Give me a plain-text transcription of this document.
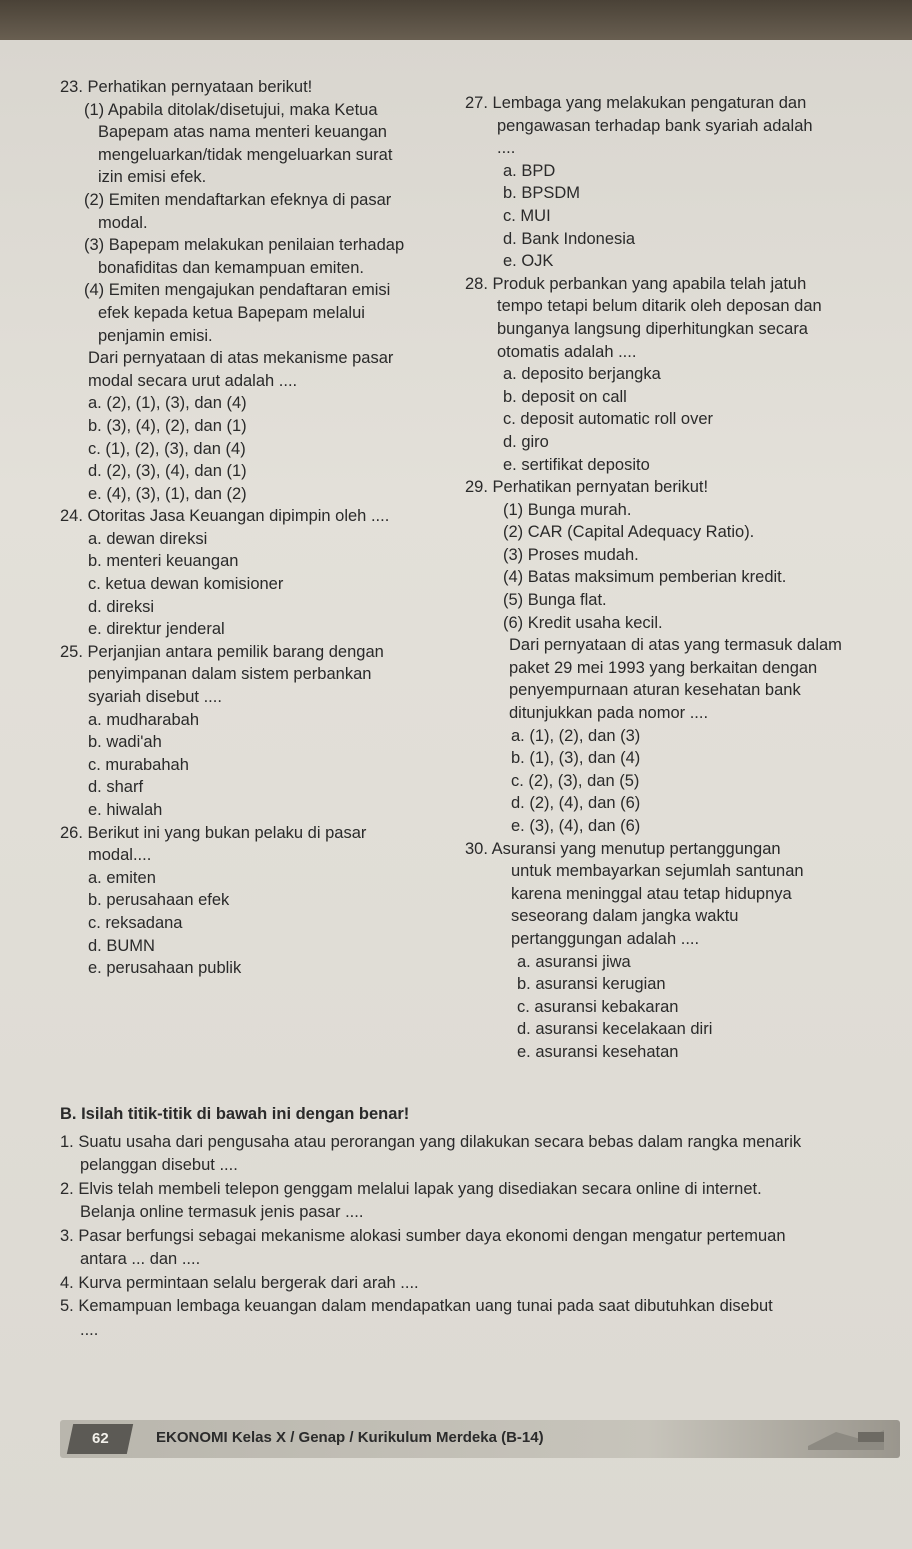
23. Perhatikan pernyataan berikut!

(1) Apabila ditolak/disetujui, maka Ketua

Bapepam atas nama menteri keuangan

mengeluarkan/tidak mengeluarkan surat

izin emisi efek.

(2) Emiten mendaftarkan efeknya di pasar

modal.

(3) Bapepam melakukan penilaian terhadap

bonafiditas dan kemampuan emiten.

(4) Emiten mengajukan pendaftaran emisi

efek kepada ketua Bapepam melalui

penjamin emisi.

Dari pernyataan di atas mekanisme pasar

modal secara urut adalah ....

a. (2), (1), (3), dan (4)

b. (3), (4), (2), dan (1)

c. (1), (2), (3), dan (4)

d. (2), (3), (4), dan (1)

e. (4), (3), (1), dan (2)

24. Otoritas Jasa Keuangan dipimpin oleh ....

a. dewan direksi

b. menteri keuangan

c. ketua dewan komisioner

d. direksi

e. direktur jenderal

25. Perjanjian antara pemilik barang dengan

penyimpanan dalam sistem perbankan

syariah disebut ....

a. mudharabah

b. wadi'ah

c. murabahah

d. sharf

e. hiwalah

26. Berikut ini yang bukan pelaku di pasar

modal....

a. emiten

b. perusahaan efek

c. reksadana

d. BUMN

e. perusahaan publik

27. Lembaga yang melakukan pengaturan dan

pengawasan terhadap bank syariah adalah

....

a. BPD

b. BPSDM

c. MUI

d. Bank Indonesia

e. OJK

28. Produk perbankan yang apabila telah jatuh

tempo tetapi belum ditarik oleh deposan dan

bunganya langsung diperhitungkan secara

otomatis adalah ....

a. deposito berjangka

b. deposit on call

c. deposit automatic roll over

d. giro

e. sertifikat deposito

29. Perhatikan pernyatan berikut!

(1) Bunga murah.

(2) CAR (Capital Adequacy Ratio).

(3) Proses mudah.

(4) Batas maksimum pemberian kredit.

(5) Bunga flat.

(6) Kredit usaha kecil.

Dari pernyataan di atas yang termasuk dalam

paket 29 mei 1993 yang berkaitan dengan

penyempurnaan aturan kesehatan bank

ditunjukkan pada nomor ....

a. (1), (2), dan (3)

b. (1), (3), dan (4)

c. (2), (3), dan (5)

d. (2), (4), dan (6)

e. (3), (4), dan (6)

30. Asuransi yang menutup pertanggungan

untuk membayarkan sejumlah santunan

karena meninggal atau tetap hidupnya

seseorang dalam jangka waktu

pertanggungan adalah ....

a. asuransi jiwa

b. asuransi kerugian

c. asuransi kebakaran

d. asuransi kecelakaan diri

e. asuransi kesehatan

B. Isilah titik-titik di bawah ini dengan benar!

1. Suatu usaha dari pengusaha atau perorangan yang dilakukan secara bebas dalam rangka menarik

pelanggan disebut ....

2. Elvis telah membeli telepon genggam melalui lapak yang disediakan secara online di internet.

Belanja online termasuk jenis pasar ....

3. Pasar berfungsi sebagai mekanisme alokasi sumber daya ekonomi dengan mengatur pertemuan

antara ... dan ....

4. Kurva permintaan selalu bergerak dari arah ....

5. Kemampuan lembaga keuangan dalam mendapatkan uang tunai pada saat dibutuhkan disebut

....

62	EKONOMI Kelas X / Genap / Kurikulum Merdeka (B-14)
